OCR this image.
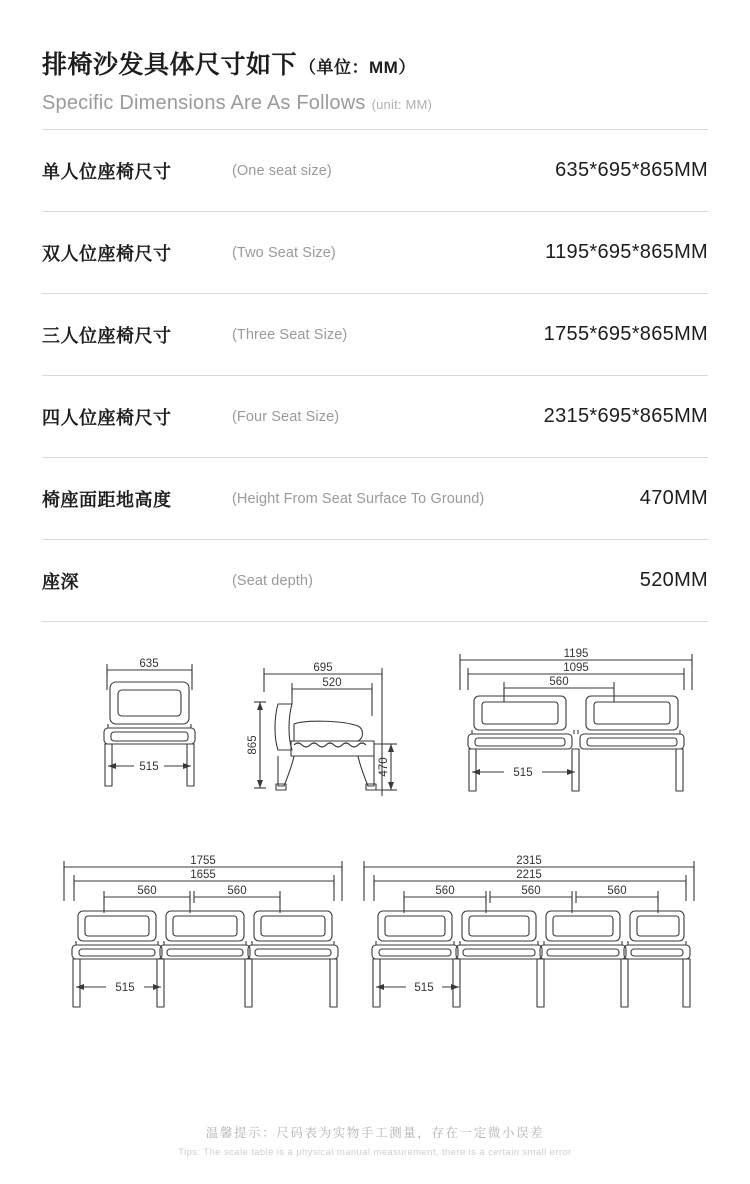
排椅沙发具体尺寸如下 （单位：MM）
Specific Dimensions Are As Follows (unit: MM)
单人位座椅尺寸	(One seat size)	635*695*865MM
双人位座椅尺寸	(Two Seat Size)	1195*695*865MM
三人位座椅尺寸	(Three Seat Size)	1755*695*865MM
四人位座椅尺寸	(Four Seat Size)	2315*695*865MM
椅座面距地高度	(Height From Seat Surface To Ground)	470MM
座深	(Seat depth)	520MM
635
515
695
520
865
470
1195
1095
560
515
1755
1655
560	560
515
2315
2215
560	560	560
515
温馨提示：尺码表为实物手工测量，存在一定微小误差
Tips: The scale table is a physical manual measurement, there is a certain small error
